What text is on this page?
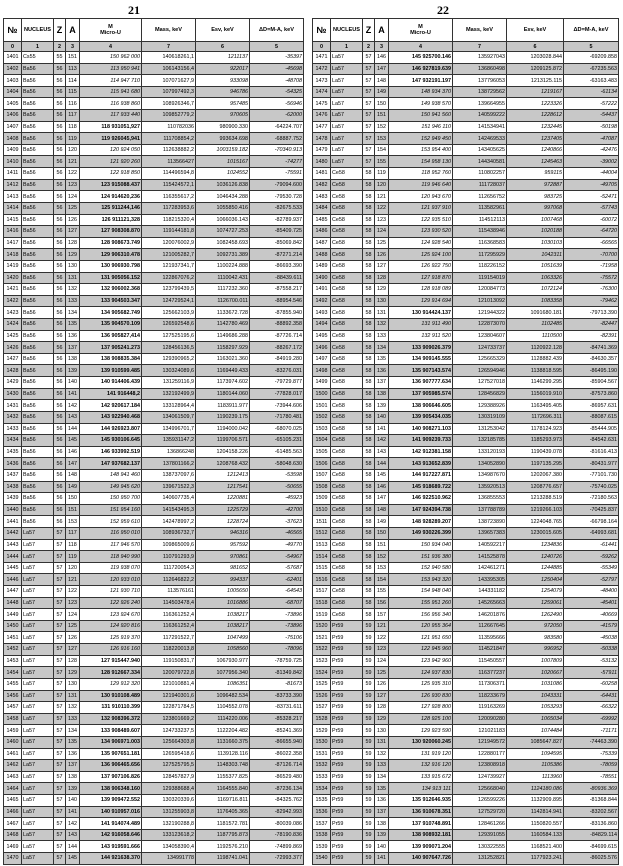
21	22
№	NUCLEUS	Z	A	M
Micro-U	Mass, keV	Esv, keV	ΔD=M-A, keV
0	1	2	3	4	7	6	5
1401	Cs55	55	151	150 962 000	140618261,1	1211137	-35397
1402	Ba56	56	113	113 950 941	106143156,4	922017	-45698
1403	Ba56	56	114	114 947 710	107071627,9	933098	-48708
1404	Ba56	56	115	115 941 680	107997492,3	946786	-54325
1405	Ba56	56	116	116 938 860	108926346,7	957485	-56946
1406	Ba56	56	117	117 933 440	109852779,2	970605	-62000
1407	Ba56	56	118	118 931051,927	110782036	980900.330	-64224.707
1408	Ba56	56	119	119 926045,941	111708854,2	993634.698	-68887.752
1409	Ba56	56	120	120 924 050	112638882,2	1003159.182	-70340.913
1410	Ba56	56	121	121 920 260	113566427	1015167	-74277
1411	Ba56	56	122	122 918 850	114496594,8	1024552	-75591
1412	Ba56	56	123	123 915088.437	115424572,1	1036126.838	-79094.600
1413	Ba56	56	124	124 914620,236	116355617,2	1046434.288	-79530.728
1414	Ba56	56	125	125 911244,146	117283953,6	1055850.416	-82675.533
1415	Ba56	56	126	126 911121,328	118215320,4	1066036.143	-82789.937
1416	Ba56	56	127	127 908308.870	119144181,8	1074727.253	-85409.725
1417	Ba56	56	128	128 908673.749	120076002,9	1082458.693	-85069.842
1418	Ba56	56	129	129 906310.478	121005282,7	1092731.389	-87271.214
1419	Ba56	56	130	130 906930.798	121937341,7	1100224.888	-86693.390
1420	Ba56	56	131	131 905056.152	122867076,2	1110042.431	-88439.611
1421	Ba56	56	132	132 906002.368	123799439,5	1117232.360	-87558.217
1422	Ba56	56	133	133 904503.347	124729524,1	1126700.011	-88954.546
1423	Ba56	56	134	134 905682.749	125662103,9	1133672.728	-87855.940
1424	Ba56	56	135	135 904570.109	126592548,6	1142780.469	-88892.358
1425	Ba56	56	136	136 905827,414	127525195,6	1149686.288	-87726.714
1426	Ba56	56	137	137 905241.273	128456136,5	1158297.929	-88267.172
1427	Ba56	56	138	138 908835.384	129390965,2	1163021.360	-84919.280
1428	Ba56	56	139	139 910599.485	130324089,6	1169449.433	-83276.031
1429	Ba56	56	140	140 914406.439	131259116,9	1173974.602	-79729.877
1430	Ba56	56	141	141 916448,2	132192499,9	1180144.060	-77828.017
1431	Ba56	56	142	142 920617.184	133128964,4	1183911.977	-73944.606
1432	Ba56	56	143	143 922940.468	134061509,7	1190239.175	-71780.481
1433	Ba56	56	144	144 926923.807	134996701,7	1194000.042	-68070.025
1434	Ba56	56	145	145 930106.645	135931147,2	1199706.571	-65105.231
1435	Ba56	56	146	146 933992.519	136866248	1204158.226	-61485.563
1436	Ba56	56	147	147 937682.137	137801166,2	1208768.432	-58048.630
1437	Ba56	56	148	148 941 460	138737097,6	1212413	-53598
1438	Ba56	56	149	149 945 620	139671522,3	1217541	-50655
1439	Ba56	56	150	150 950 700	140607735,4	1220881	-45923
1440	Ba56	56	151	151 954 160	141543495,3	1225729	-42700
1441	Ba56	56	153	152 959 610	142478997,2	1228724	-37623
1442	La57	57	117	116 950 010	108936732,7	946316	-46565
1443	La57	57	118	117 946 570	109865009,6	957592	-49770
1444	La57	57	119	118 940 990	110791293,9	970861	-54967
1445	La57	57	120	119 938 070	111720054,3	981652	-57687
1446	La57	57	121	120 933 010	112646822,2	994337	-62401
1447	La57	57	122	121 930 710	113576161	1005650	-64543
1448	La57	57	123	122 926 240	114503478,4	1016886	-68707
1449	La57	57	124	123 924 670	116361252,4	1038217	-73896
1450	La57	57	125	124 920 816	116361252,4	1038217	-73896
1451	La57	57	126	125 919 370	117291522,7	1047499	-75106
1452	La57	57	127	126 916 160	118220013,8	1058560	-78096
1453	La57	57	128	127 915447.940	119150831,7	1067930.977	-78759.725
1454	La57	57	129	128 912667.334	120079722,8	1077956.340	-81349.842
1455	La57	57	130	129 912 320	121010881,4	1086351	-81673
1456	La57	57	131	130 910108.489	121940301,6	1096482.534	-83733.390
1457	La57	57	132	131 910110.399	122871784,5	1104552.078	-83731.611
1458	La57	57	133	132 908396.372	123801669,2	1114220.006	-85328.217
1459	La57	57	134	133 908489.607	124733237,5	1122204.482	-85241.369
1460	La57	57	135	134 906971.003	125664303,8	1131660.375	-86655.940
1461	La57	57	136	135 907651.181	126595418,6	1139128.116	-86022.358
1462	La57	57	137	136 906465.656	127525795,5	1148303.748	-87126.714
1463	La57	57	138	137 907106.826	128457827,9	1155377.825	-86529.480
1464	La57	57	139	138 906348.160	129388688,4	1164555.840	-87236.134
1465	La57	57	140	139 909472.552	130320339,6	1169716.811	-84325.762
1466	La57	57	141	140 910957.016	131255903,8	1176405.365	-82942.993
1467	La57	57	142	141 914074.489	132190288,8	1181572.781	-80039.086
1468	La57	57	143	142 916058.646	133123618,2	1187795.873	-78190.836
1469	La57	57	144	143 919591.666	134058390,4	1192576.210	-74899.869
1470	La57	57	145	144 921638.370	134991778	1198741.041	-72993.377
№	NUCLEUS	Z	A	M
Micro-U	Mass, keV	Esv, keV	ΔD=M-A, keV
0	1	2	3	4	7	6	5
1471	La57	57	146	145 925700.146	135927043	1203028.844	-69209.858
1472	La57	57	147	146 927819.639	136860498	1209125.872	-67235.563
1473	La57	57	148	147 932191.197	137796053	1213125.115	-63163.483
1474	La57	57	149	148 934 370	138729562	1219167	-61134
1475	La57	57	150	149 938 570	139664955	1223326	-57222
1476	La57	57	151	150 941 560	140599222	1228612	-54437
1477	La57	57	152	151 946 110	141534941	1232445	-50198
1478	La57	57	153	152 949 450	142469533	1237405	-47087
1479	La57	57	154	153 954 400	143405625	1240866	-42476
1480	La57	57	155	154 958 130	144340581	1245463	-39002
1481	Ce58	58	119	118 952 760	110802257	959115	-44004
1482	Ce58	58	120	119 946 640	111728037	972887	-49705
1483	Ce58	58	121	120 943 670	112656752	983725	-52471
1484	Ce58	58	122	121 937 910	113582961	997068	-57743
1485	Ce58	58	123	122 935 510	114512113	1007468	-60072
1486	Ce58	58	124	123 930 520	115438946	1020188	-64720
1487	Ce58	58	125	124 928 540	116368583	1030103	-66565
1488	Ce58	58	126	125 924 100	117295929	1042311	-70700
1489	Ce58	58	127	126 922 750	118226152	1051639	-71958
1490	Ce58	58	128	127 918 870	119154019	1063326	-75572
1491	Ce58	58	129	128 918 089	120084773	1072124	-76300
1492	Ce58	58	130	129 914 694	121013092	1083358	-79462
1493	Ce58	58	131	130 914424.137	121944322	1091680.181	-79713.390
1494	Ce58	58	132	131 911 490	122873070	1102485	-82447
1495	Ce58	58	133	132 911 520	123804607	1110500	-82391
1496	Ce58	58	134	133 909026.379	124733737	1120922.128	-84741.369
1497	Ce58	58	135	134 909145.555	125665329	1128882.439	-84630.357
1498	Ce58	58	136	135 907143.574	126594946	1138818.595	-86495.190
1499	Ce58	58	137	136 907777.634	127527018	1146299.295	-85904.567
1500	Ce58	58	138	137 905985.574	128456829	1156019.910	-87573.860
1501	Ce58	58	139	138 906646.605	129388926	1163495.405	-86957.631
1502	Ce58	58	140	139 905434.035	130319109	1172696.311	-88087.615
1503	Ce58	58	141	140 908271.103	131253042	1178124.923	-85444.905
1504	Ce58	58	142	141 909239.733	132185785	1185293.973	-84542.631
1505	Ce58	58	143	142 912381.158	133120193	1190439.078	-81616.413
1506	Ce58	58	144	143 913652.839	134052890	1197135.295	-80431.977
1507	Ce58	58	145	144 917227.871	134987670	1202067.380	-77101.730
1508	Ce58	58	146	145 918689.722	135920513	1208776.657	-75740.025
1509	Ce58	58	147	146 922510.962	136855553	1213288.519	-72180.563
1510	Ce58	58	148	147 924394.738	137788789	1219266.103	-70425.837
1511	Ce58	58	149	148 928289.207	138723890	1224048.765	-66798.164
1512	Ce58	58	150	149 930226.399	139657383	1230015.605	-64993.681
1513	Ce58	58	151	150 934 040	140592217	1234836	-61441
1514	Ce58	58	152	151 936 380	141525878	1240726	-59262
1515	Ce58	58	153	152 940 580	142461271	1244885	-55349
1516	Ce58	58	154	153 943 320	143395305	1250404	-52797
1517	Ce58	58	155	154 948 040	144331182	1254079	-48400
1518	Ce58	58	156	155 951 260	145265663	1259061	-45401
1519	Ce58	58	157	156 956 340	146201876	1262490	-40669
1520	Pr59	59	121	120 955 364	112667645	972050	-41579
1521	Pr59	59	122	121 951 650	113595666	983580	-45038
1522	Pr59	59	123	122 945 960	114521847	996952	-50338
1523	Pr59	59	124	123 942 960	115450557	1007809	-53132
1524	Pr59	59	125	124 937 830	116377237	1020667	-57911
1525	Pr59	59	126	125 935 310	117306371	1031086	-60258
1526	Pr59	59	127	126 930 830	118233679	1043331	-64431
1527	Pr59	59	128	127 928 800	119163269	1053293	-66322
1528	Pr59	59	129	128 925 100	120090280	1065034	-69992
1529	Pr59	59	130	129 923 590	121021183	1074484	-71171
1530	Pr59	59	131	130 920060.245	121949572	1085647.827	-74463.390
1531	Pr59	59	132	131 919 120	122880177	1094595	-75339
1532	Pr59	59	133	132 916 120	123808918	1105386	-78059
1533	Pr59	59	134	133 915 672	124739927	1113960	-78551
1534	Pr59	59	135	134 913 111	125668040	1124180.086	-80936.369
1535	Pr59	59	136	135 912646.935	126599226	1132909.895	-81368.844
1536	Pr59	59	137	136 910678.351	127529720	1142814.941	-83202.567
1537	Pr59	59	138	137 910748.891	128461266	1150820.557	-83136.860
1538	Pr59	59	139	138 908932.181	129391055	1160584.133	-84829.114
1539	Pr59	59	140	139 909071.204	130322555	1168521.400	-84699.615
1540	Pr59	59	141	140 907647.726	131252821	1177923.241	-86025.576
